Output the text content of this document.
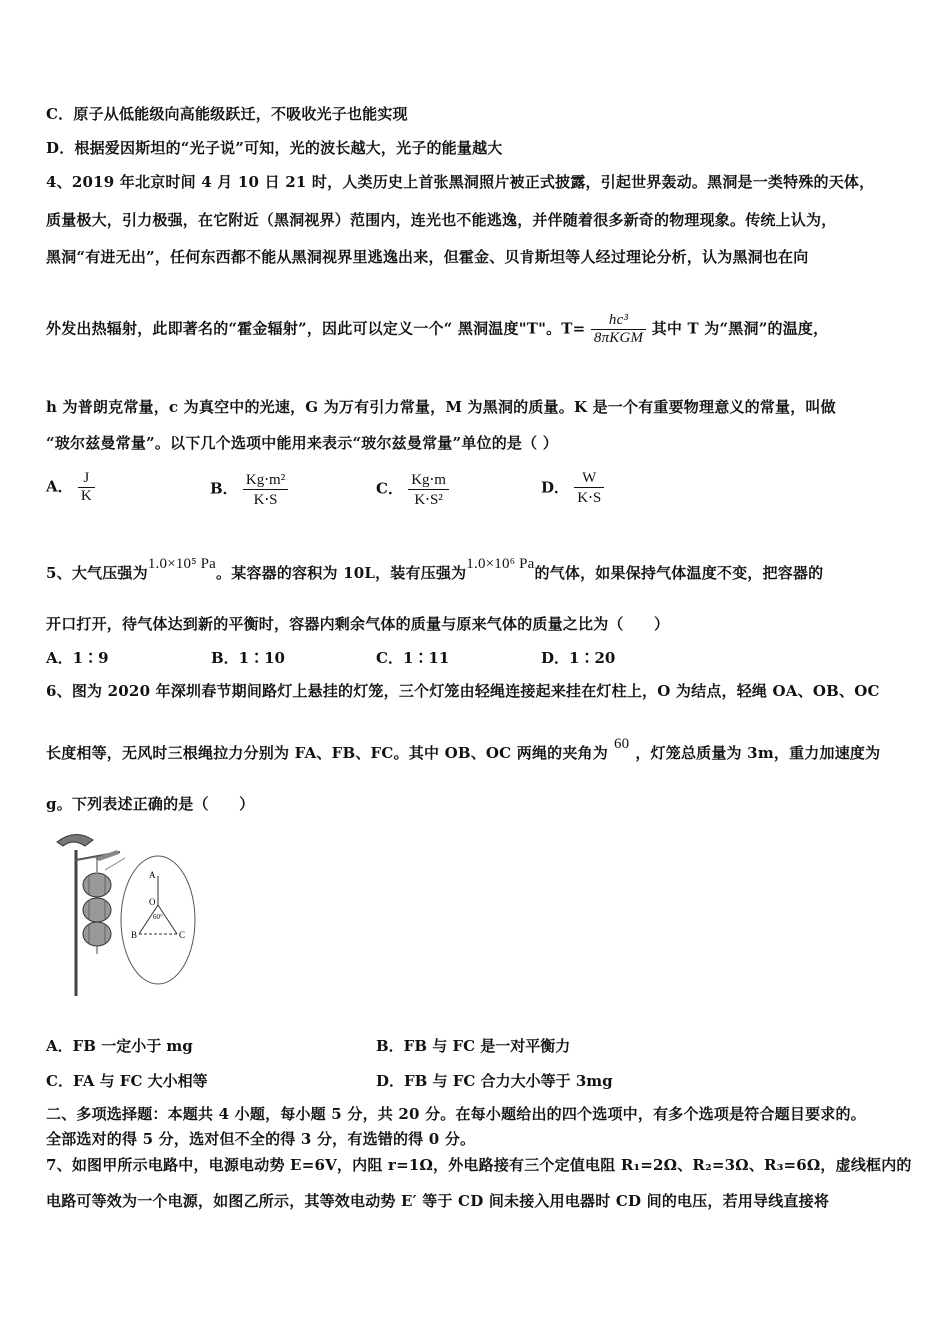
C．原子从低能级向高能级跃迁，不吸收光子也能实现
D．根据爱因斯坦的“光子说”可知，光的波长越大，光子的能量越大
4、2019 年北京时间 4 月 10 日 21 时，人类历史上首张黑洞照片被正式披露，引起世界轰动。黑洞是一类特殊的天体，
质量极大，引力极强，在它附近（黑洞视界）范围内，连光也不能逃逸，并伴随着很多新奇的物理现象。传统上认为，
黑洞“有进无出”，任何东西都不能从黑洞视界里逃逸出来，但霍金、贝肯斯坦等人经过理论分析，认为黑洞也在向
外发出热辐射，此即著名的“霍金辐射”，因此可以定义一个“ 黑洞温度"T"。$T= \frac{\text{hc³}}{\text{8πKGM}}$ 其中 T 为“黑洞”的温度，
h 为普朗克常量，c 为真空中的光速，G 为万有引力常量，M 为黑洞的质量。K 是一个有重要物理意义的常量，叫做
“玻尔兹曼常量”。以下几个选项中能用来表示“玻尔兹曼常量”单位的是（ ）
A． $\frac{J}{K}$	B． $\frac{\text{Kg⋅m²}}{K\cdot S}$	C． $\frac{Kg\cdot m}{\text{K⋅S²}}$	D． $\frac{W}{K\cdot S}$
5、大气压强为1.0×10⁵ Pa。某容器的容积为 10L，装有压强为1.0×10⁶ Pa的气体，如果保持气体温度不变，把容器的
开口打开，待气体达到新的平衡时，容器内剩余气体的质量与原来气体的质量之比为（　　）
A．1∶9	B．1∶10	C．1∶11	D．1∶20
6、图为 2020 年深圳春节期间路灯上悬挂的灯笼，三个灯笼由轻绳连接起来挂在灯柱上，O 为结点，轻绳 OA、OB、OC
长度相等，无风时三根绳拉力分别为 FA、FB、FC。其中 OB、OC 两绳的夹角为 60 ，灯笼总质量为 3m，重力加速度为
g。下列表述正确的是（　　）
A
O
60°
B	C
A．FB 一定小于 mg	B．FB 与 FC 是一对平衡力
C．FA 与 FC 大小相等	D．FB 与 FC 合力大小等于 3mg
二、多项选择题：本题共 4 小题，每小题 5 分，共 20 分。在每小题给出的四个选项中，有多个选项是符合题目要求的。
全部选对的得 5 分，选对但不全的得 3 分，有选错的得 0 分。
7、如图甲所示电路中，电源电动势 E=6V，内阻 r=1Ω，外电路接有三个定值电阻 R₁=2Ω、R₂=3Ω、R₃=6Ω，虚线框内的
电路可等效为一个电源，如图乙所示，其等效电动势 E′ 等于 CD 间未接入用电器时 CD 间的电压，若用导线直接将
